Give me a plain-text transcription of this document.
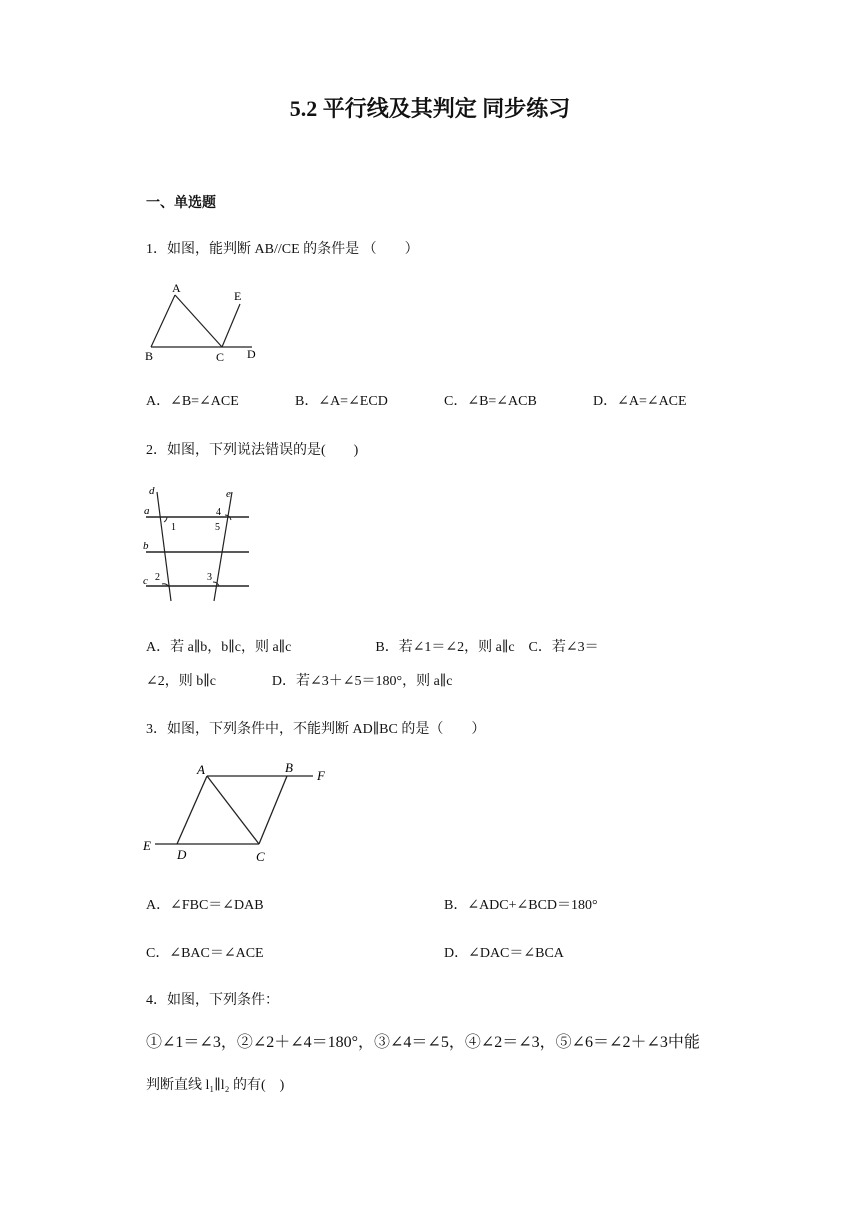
5.2 平行线及其判定 同步练习
一、单选题
1．如图，能判断 AB//CE 的条件是 （　　）
A
E
B	C D
A．∠B=∠ACE	B．∠A=∠ECD	C．∠B=∠ACB	D．∠A=∠ACE
2．如图，下列说法错误的是(　　)
d	e
a
b
c
1
4
5
2	3
A．若 a∥b，b∥c，则 a∥c　　　　　　B．若∠1＝∠2，则 a∥c　C．若∠3＝
∠2，则 b∥c　　　　D．若∠3＋∠5＝180°，则 a∥c
3．如图，下列条件中，不能判断 AD∥BC 的是（　　）
A	B
F
E
D	C
A．∠FBC＝∠DAB	B．∠ADC+∠BCD＝180°
C．∠BAC＝∠ACE	D．∠DAC＝∠BCA
4．如图，下列条件：
①∠1＝∠3，②∠2＋∠4＝180°，③∠4＝∠5，④∠2＝∠3，⑤∠6＝∠2＋∠3中能
判断直线 l₁∥l₂ 的有(　)
